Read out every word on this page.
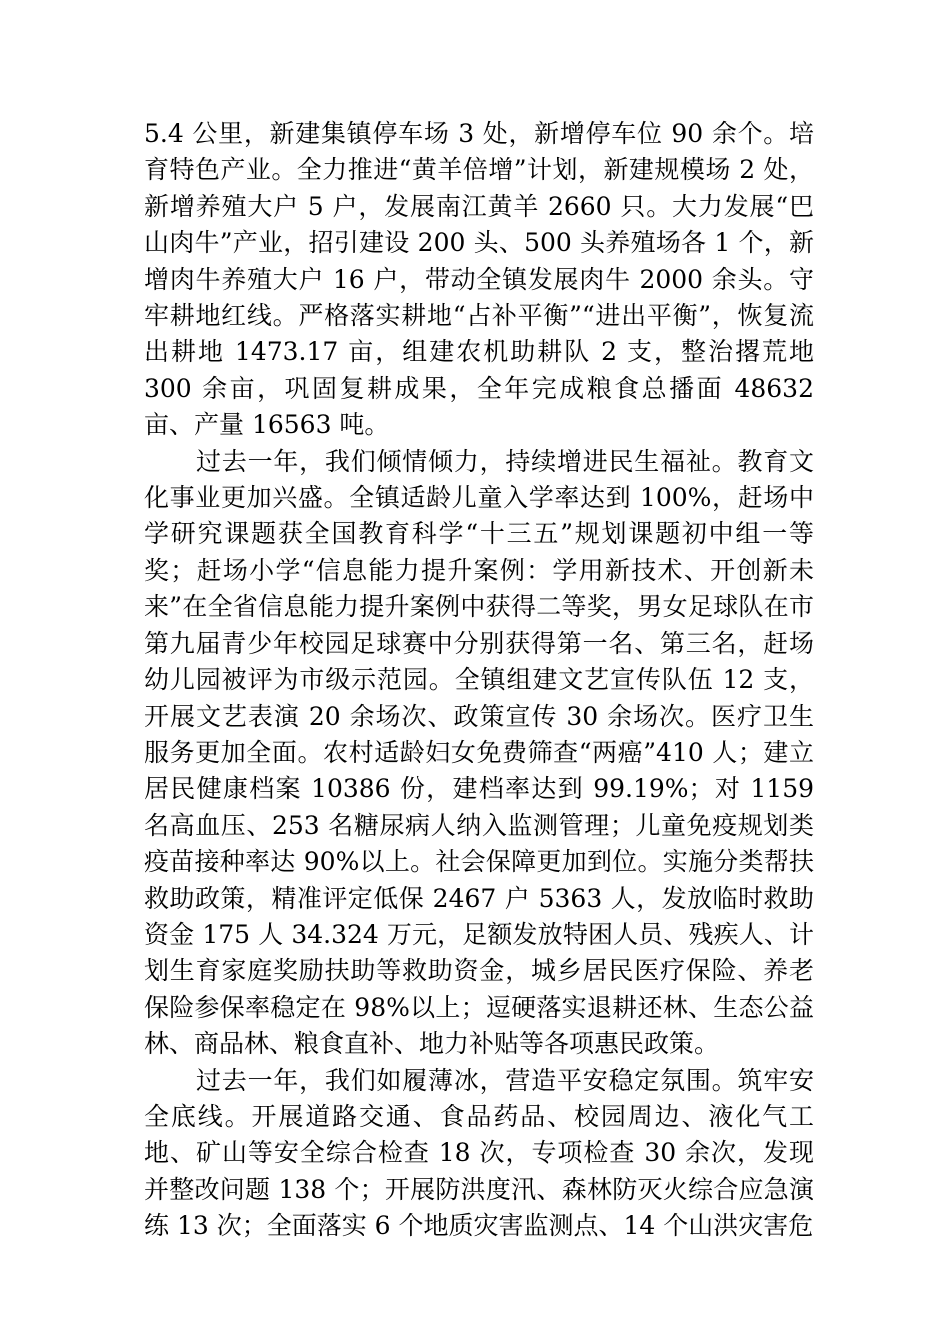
5.4 公里，新建集镇停车场 3 处，新增停车位 90 余个。培育特色产业。全力推进“黄羊倍增”计划，新建规模场 2 处，新增养殖大户 5 户，发展南江黄羊 2660 只。大力发展“巴山肉牛”产业，招引建设 200 头、500 头养殖场各 1 个，新增肉牛养殖大户 16 户，带动全镇发展肉牛 2000 余头。守牢耕地红线。严格落实耕地“占补平衡”“进出平衡”，恢复流出耕地 1473.17 亩，组建农机助耕队 2 支，整治撂荒地 300 余亩，巩固复耕成果，全年完成粮食总播面 48632 亩、产量 16563 吨。

过去一年，我们倾情倾力，持续增进民生福祉。教育文化事业更加兴盛。全镇适龄儿童入学率达到 100%，赶场中学研究课题获全国教育科学“十三五”规划课题初中组一等奖；赶场小学“信息能力提升案例：学用新技术、开创新未来”在全省信息能力提升案例中获得二等奖，男女足球队在市第九届青少年校园足球赛中分别获得第一名、第三名，赶场幼儿园被评为市级示范园。全镇组建文艺宣传队伍 12 支，开展文艺表演 20 余场次、政策宣传 30 余场次。医疗卫生服务更加全面。农村适龄妇女免费筛查“两癌”410 人；建立居民健康档案 10386 份，建档率达到 99.19%；对 1159 名高血压、253 名糖尿病人纳入监测管理；儿童免疫规划类疫苗接种率达 90%以上。社会保障更加到位。实施分类帮扶救助政策，精准评定低保 2467 户 5363 人，发放临时救助资金 175 人 34.324 万元，足额发放特困人员、残疾人、计划生育家庭奖励扶助等救助资金，城乡居民医疗保险、养老保险参保率稳定在 98%以上；逗硬落实退耕还林、生态公益林、商品林、粮食直补、地力补贴等各项惠民政策。

过去一年，我们如履薄冰，营造平安稳定氛围。筑牢安全底线。开展道路交通、食品药品、校园周边、液化气工地、矿山等安全综合检查 18 次，专项检查 30 余次，发现并整改问题 138 个；开展防洪度汛、森林防灭火综合应急演练 13 次；全面落实 6 个地质灾害监测点、14 个山洪灾害危
